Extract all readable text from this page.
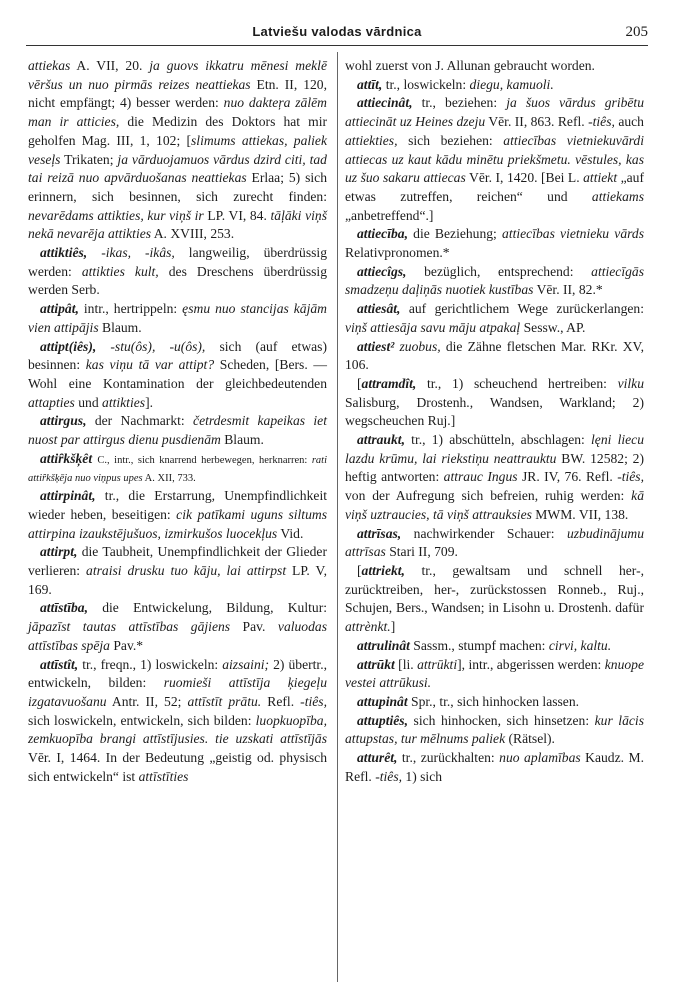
Latviešu valodas vārdnica	205

attiekas A. VII, 20. ja guovs ikkatru mēnesi meklē vēršus un nuo pirmās reizes neattiekas Etn. II, 120, nicht empfängt; 4) besser werden: nuo dakteŗa zālēm man ir atticies, die Medizin des Doktors hat mir geholfen Mag. III, 1, 102; [slimums attiekas, paliek veseļs Trikaten; ja vārduojamuos vārdus dzird citi, tad tai reizā nuo apvārduošanas neattiekas Erlaa; 5) sich erinnern, sich besinnen, sich zurecht finden: nevarēdams attikties, kur viņš ir LP. VI, 84. tāļāki viņš nekā nevarēja attikties A. XVIII, 253.

attiktiês, -ikas, -ikâs, langweilig, überdrüssig werden: attikties kult, des Dreschens überdrüssig werden Serb.

attipât, intr., hertrippeln: ęsmu nuo stancijas kājām vien attipājis Blaum.

attipt(iês), -stu(ôs), -u(ôs), sich (auf etwas) besinnen: kas viņu tā var attipt? Scheden, [Bers. — Wohl eine Kontamination der gleichbedeutenden attapties und attikties].

attirgus, der Nachmarkt: četrdesmit kapeikas iet nuost par attirgus dienu pusdienām Blaum.

attiȓkšķêt C., intr., sich knarrend herbewegen, herknarren: rati attiȓkšķēja nuo viņpus upes A. XII, 733.

attirpinât, tr., die Erstarrung, Unempfindlichkeit wieder heben, beseitigen: cik patīkami uguns siltums attirpina izaukstējušuos, izmirkušos luocekļus Vid.

attirpt, die Taubheit, Unempfindlichkeit der Glieder verlieren: atraisi drusku tuo kāju, lai attirpst LP. V, 169.

attīstība, die Entwickelung, Bildung, Kultur: jāpazīst tautas attīstības gājiens Pav. valuodas attīstības spēja Pav.*

attīstît, tr., freqn., 1) loswickeln: aizsaini; 2) übertr., entwickeln, bilden: ruomieši attīstīja ķiegeļu izgatavuošanu Antr. II, 52; attīstīt prātu. Refl. -tiês, sich loswickeln, entwickeln, sich bilden: luopkuopība, zemkuopība brangi attīstījusies. tie uzskati attīstījās Vēr. I, 1464. In der Bedeutung „geistig od. physisch sich entwickeln“ ist attīstīties

wohl zuerst von J. Allunan gebraucht worden.

attīt, tr., loswickeln: diegu, kamuoli.

attiecinât, tr., beziehen: ja šuos vārdus gribētu attiecināt uz Heines dzeju Vēr. II, 863. Refl. -tiês, auch attiekties, sich beziehen: attiecības vietniekuvārdi attiecas uz kaut kādu minētu priekšmetu. vēstules, kas uz šuo sakaru attiecas Vēr. I, 1420. [Bei L. attiekt „auf etwas zutreffen, reichen“ und attiekams „anbetreffend“.]

attiecība, die Beziehung; attiecības vietnieku vārds Relativpronomen.*

attiecîgs, bezüglich, entsprechend: attiecīgās smadzeņu daļiņās nuotiek kustības Vēr. II, 82.*

attiesât, auf gerichtlichem Wege zurückerlangen: viņš attiesāja savu māju atpakaļ Sessw., AP.

attiest² zuobus, die Zähne fletschen Mar. RKr. XV, 106.

[attramdît, tr., 1) scheuchend hertreiben: vilku Salisburg, Drostenh., Wandsen, Warkland; 2) wegscheuchen Ruj.]

attraukt, tr., 1) abschütteln, abschlagen: lęni liecu lazdu krūmu, lai riekstiņu neattrauktu BW. 12582; 2) heftig antworten: attrauc Ingus JR. IV, 76. Refl. -tiês, von der Aufregung sich befreien, ruhig werden: kā viņš uztraucies, tā viņš attrauksies MWM. VII, 138.

attrīsas, nachwirkender Schauer: uzbudinājumu attrīsas Stari II, 709.

[attriekt, tr., gewaltsam und schnell her-, zurücktreiben, her-, zurückstossen Ronneb., Ruj., Schujen, Bers., Wandsen; in Lisohn u. Drostenh. dafür attrènkt.]

attrulinât Sassm., stumpf machen: cirvi, kaltu.

attrūkt [li. attrūkti], intr., abgerissen werden: knuope vestei attrūkusi.

attupinât Spr., tr., sich hinhocken lassen.

attuptiês, sich hinhocken, sich hinsetzen: kur lācis attupstas, tur mēlnums paliek (Rätsel).

atturêt, tr., zurückhalten: nuo aplamības Kaudz. M. Refl. -tiês, 1) sich
